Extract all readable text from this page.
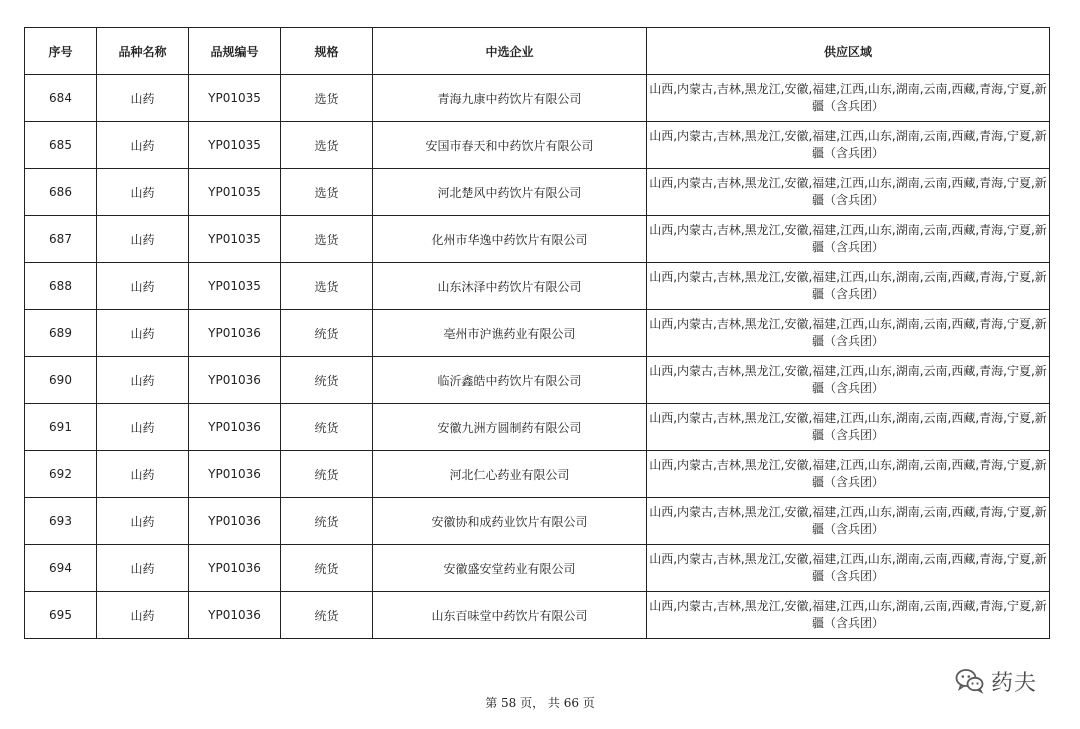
序号	品种名称	品规编号	规格	中选企业	供应区域
684	山药	YP01035	选货	青海九康中药饮片有限公司	山西,内蒙古,吉林,黑龙江,安徽,福建,江西,山东,湖南,云南,西藏,青海,宁夏,新疆（含兵团）
685	山药	YP01035	选货	安国市春天和中药饮片有限公司	山西,内蒙古,吉林,黑龙江,安徽,福建,江西,山东,湖南,云南,西藏,青海,宁夏,新疆（含兵团）
686	山药	YP01035	选货	河北楚风中药饮片有限公司	山西,内蒙古,吉林,黑龙江,安徽,福建,江西,山东,湖南,云南,西藏,青海,宁夏,新疆（含兵团）
687	山药	YP01035	选货	化州市华逸中药饮片有限公司	山西,内蒙古,吉林,黑龙江,安徽,福建,江西,山东,湖南,云南,西藏,青海,宁夏,新疆（含兵团）
688	山药	YP01035	选货	山东沐泽中药饮片有限公司	山西,内蒙古,吉林,黑龙江,安徽,福建,江西,山东,湖南,云南,西藏,青海,宁夏,新疆（含兵团）
689	山药	YP01036	统货	亳州市沪谯药业有限公司	山西,内蒙古,吉林,黑龙江,安徽,福建,江西,山东,湖南,云南,西藏,青海,宁夏,新疆（含兵团）
690	山药	YP01036	统货	临沂鑫皓中药饮片有限公司	山西,内蒙古,吉林,黑龙江,安徽,福建,江西,山东,湖南,云南,西藏,青海,宁夏,新疆（含兵团）
691	山药	YP01036	统货	安徽九洲方圆制药有限公司	山西,内蒙古,吉林,黑龙江,安徽,福建,江西,山东,湖南,云南,西藏,青海,宁夏,新疆（含兵团）
692	山药	YP01036	统货	河北仁心药业有限公司	山西,内蒙古,吉林,黑龙江,安徽,福建,江西,山东,湖南,云南,西藏,青海,宁夏,新疆（含兵团）
693	山药	YP01036	统货	安徽协和成药业饮片有限公司	山西,内蒙古,吉林,黑龙江,安徽,福建,江西,山东,湖南,云南,西藏,青海,宁夏,新疆（含兵团）
694	山药	YP01036	统货	安徽盛安堂药业有限公司	山西,内蒙古,吉林,黑龙江,安徽,福建,江西,山东,湖南,云南,西藏,青海,宁夏,新疆（含兵团）
695	山药	YP01036	统货	山东百味堂中药饮片有限公司	山西,内蒙古,吉林,黑龙江,安徽,福建,江西,山东,湖南,云南,西藏,青海,宁夏,新疆（含兵团）
第 58 页， 共 66 页
药夫
